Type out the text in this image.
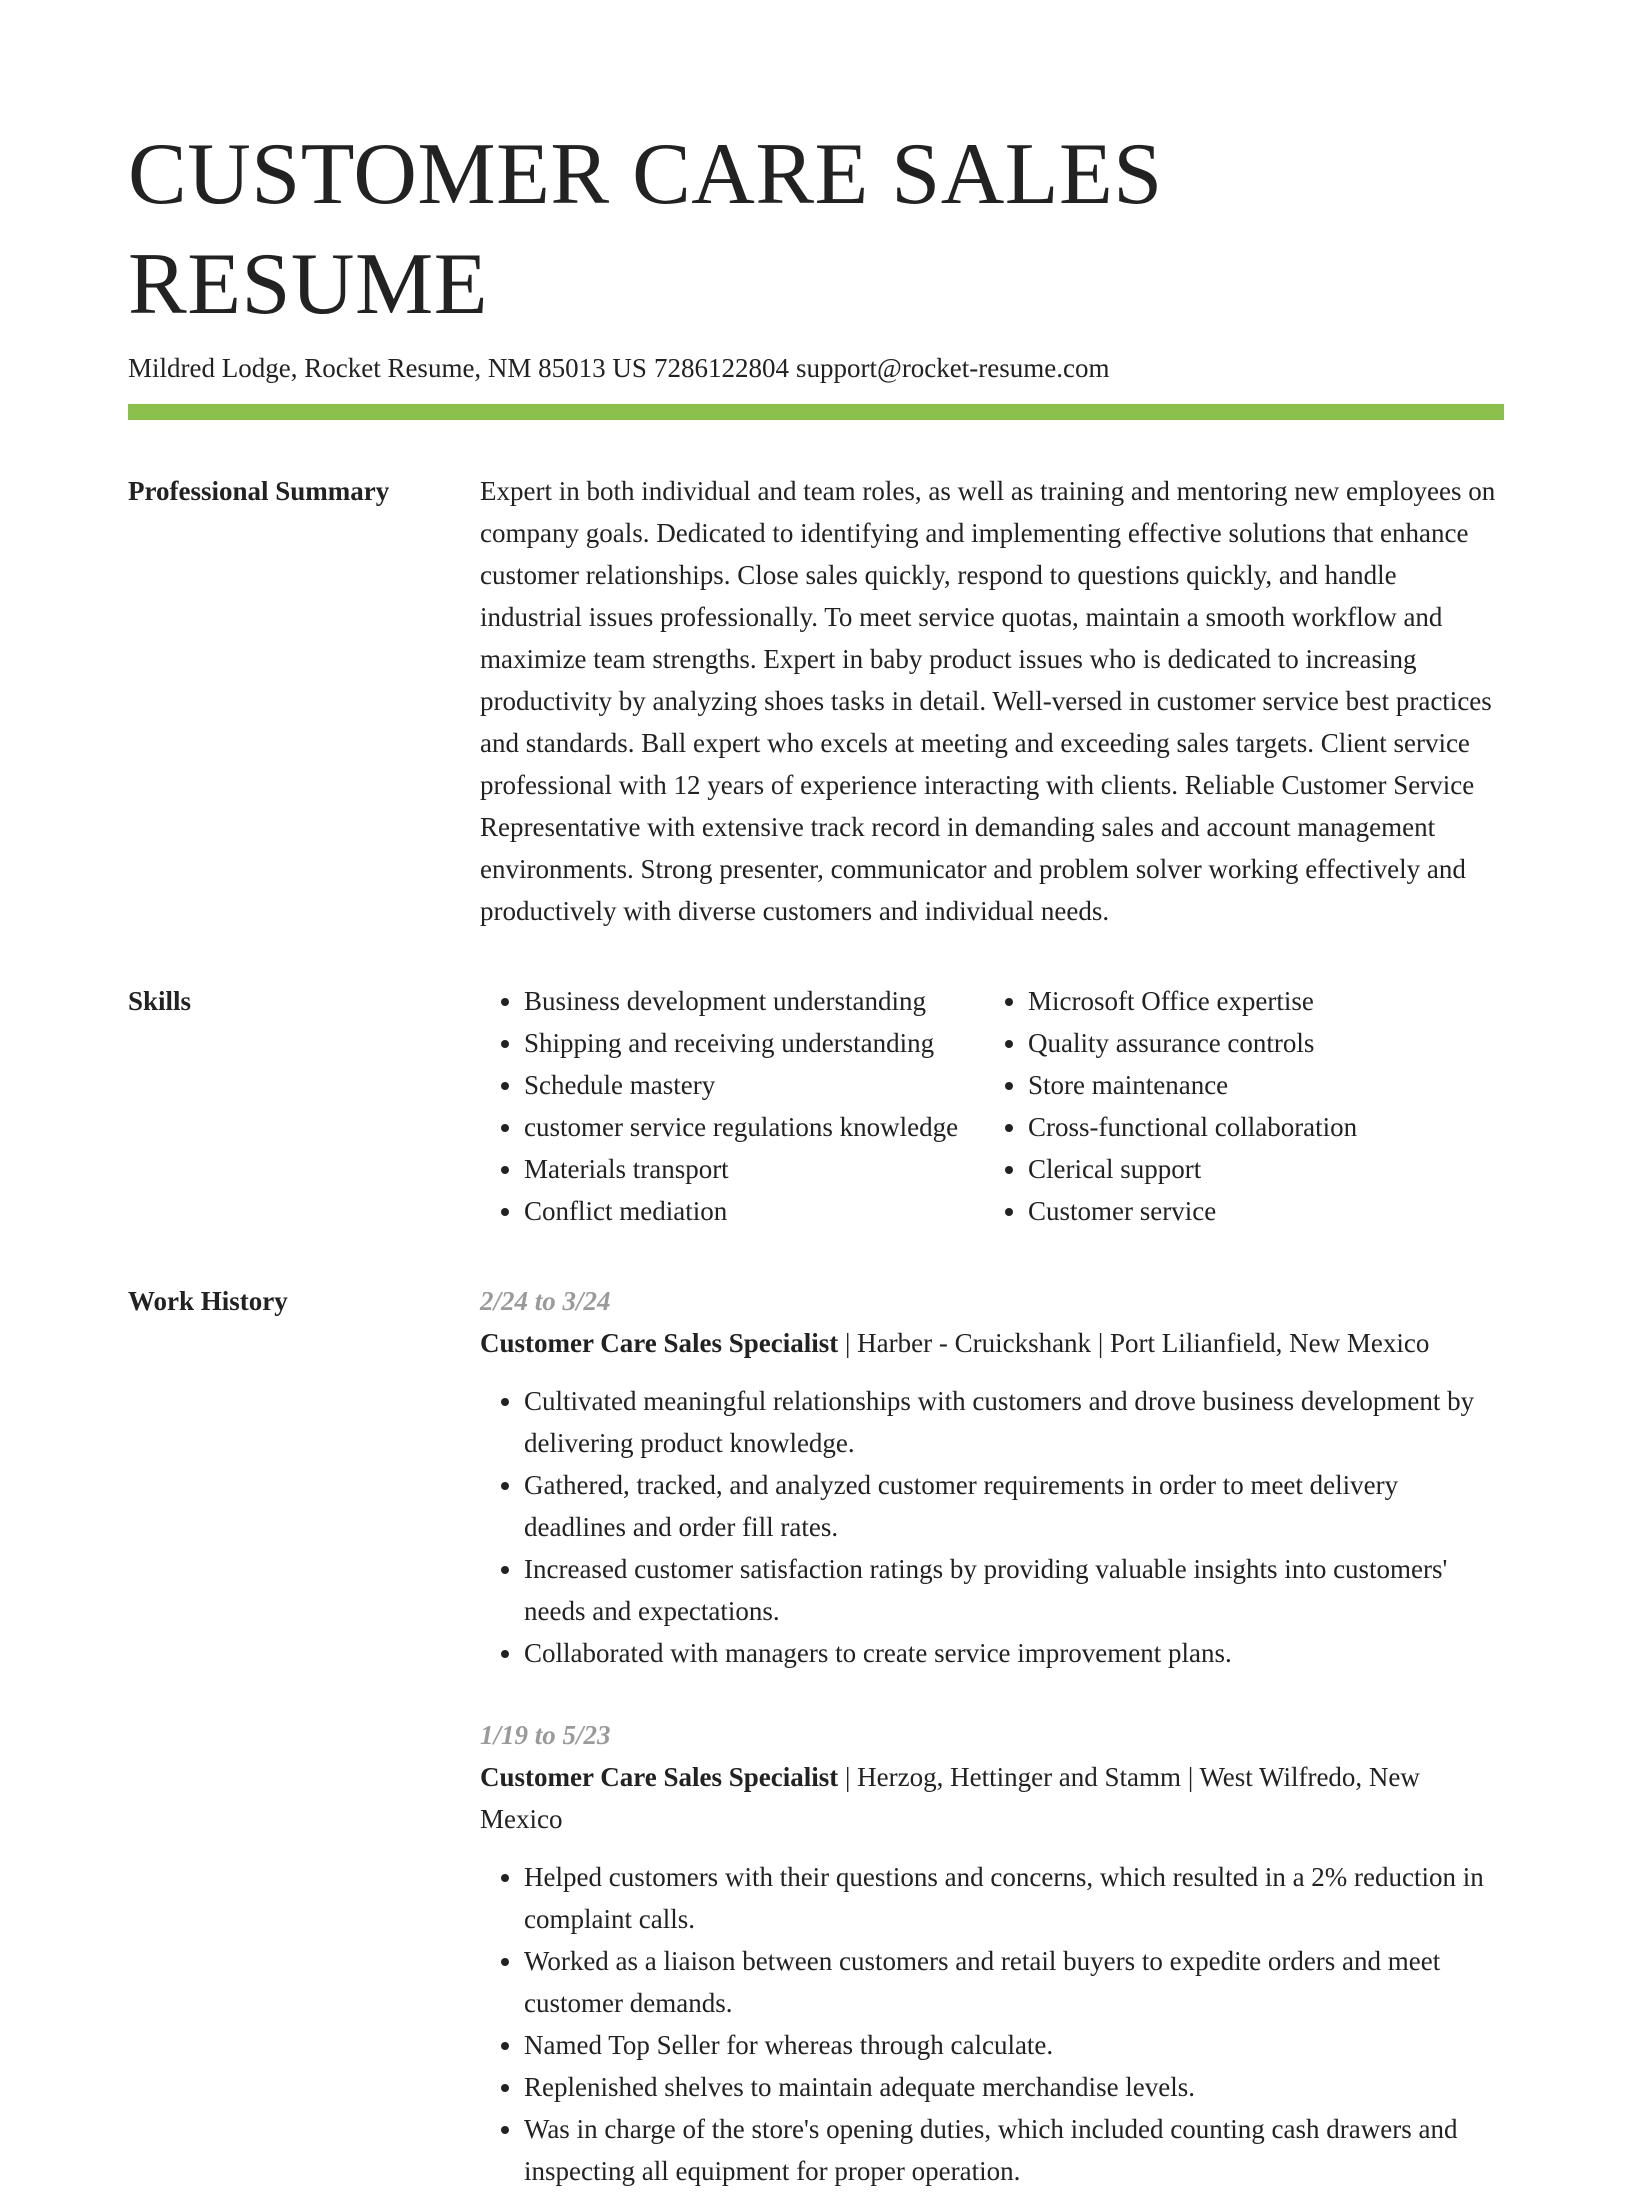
CUSTOMER CARE SALES RESUME
Mildred Lodge, Rocket Resume, NM 85013 US 7286122804 support@rocket-resume.com
Professional Summary	Expert in both individual and team roles, as well as training and mentoring new employees on company goals. Dedicated to identifying and implementing effective solutions that enhance customer relationships. Close sales quickly, respond to questions quickly, and handle industrial issues professionally. To meet service quotas, maintain a smooth workflow and maximize team strengths. Expert in baby product issues who is dedicated to increasing productivity by analyzing shoes tasks in detail. Well-versed in customer service best practices and standards. Ball expert who excels at meeting and exceeding sales targets. Client service professional with 12 years of experience interacting with clients. Reliable Customer Service Representative with extensive track record in demanding sales and account management environments. Strong presenter, communicator and problem solver working effectively and productively with diverse customers and individual needs.

Skills
•	Business development understanding
• Shipping and receiving understanding
• Schedule mastery
• customer service regulations knowledge
• Materials transport
• Conflict mediation
• Microsoft Office expertise
• Quality assurance controls
• Store maintenance
• Cross-functional collaboration
• Clerical support
• Customer service
Work History	2/24 to 3/24
Customer Care Sales Specialist | Harber - Cruickshank | Port Lilianfield, New Mexico
• Cultivated meaningful relationships with customers and drove business development by delivering product knowledge.
• Gathered, tracked, and analyzed customer requirements in order to meet delivery deadlines and order fill rates.
• Increased customer satisfaction ratings by providing valuable insights into customers' needs and expectations.
• Collaborated with managers to create service improvement plans.
1/19 to 5/23
Customer Care Sales Specialist | Herzog, Hettinger and Stamm | West Wilfredo, New Mexico
• Helped customers with their questions and concerns, which resulted in a 2% reduction in complaint calls.
• Worked as a liaison between customers and retail buyers to expedite orders and meet customer demands.
• Named Top Seller for whereas through calculate.
• Replenished shelves to maintain adequate merchandise levels.
• Was in charge of the store's opening duties, which included counting cash drawers and inspecting all equipment for proper operation.
